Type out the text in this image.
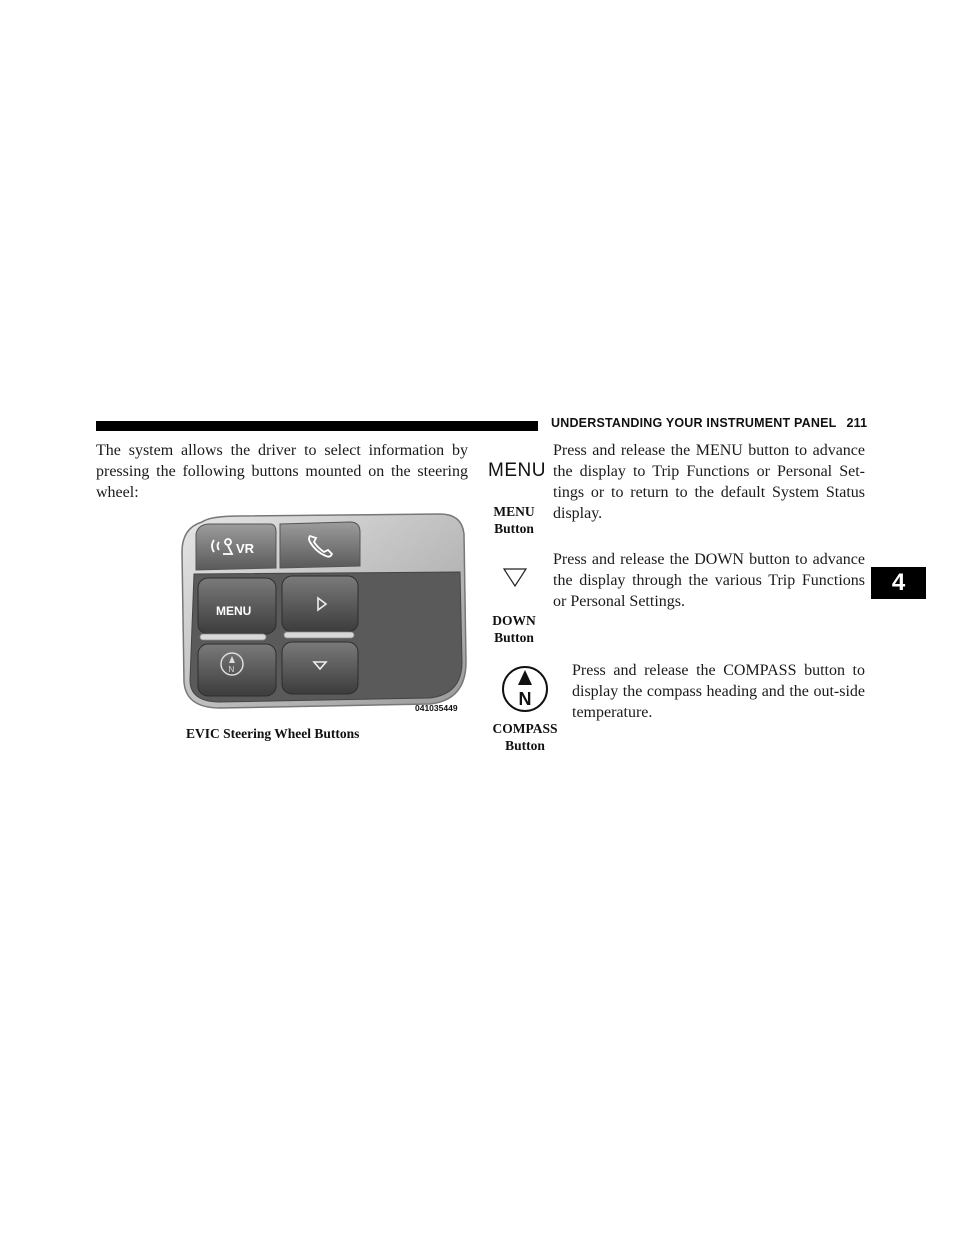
UNDERSTANDING YOUR INSTRUMENT PANEL 211
The system allows the driver to select information by pressing the following buttons mounted on the steering wheel:
VR
MENU
N
041035449
EVIC Steering Wheel Buttons
MENU
MENU
Button
Press and release the MENU button to advance the display to Trip Functions or Personal Set-tings or to return to the default System Status display.
DOWN
Button
Press and release the DOWN button to advance the display through the various Trip Functions or Personal Settings.
N
COMPASS
Button
Press and release the COMPASS button to display the compass heading and the out-side temperature.
4
